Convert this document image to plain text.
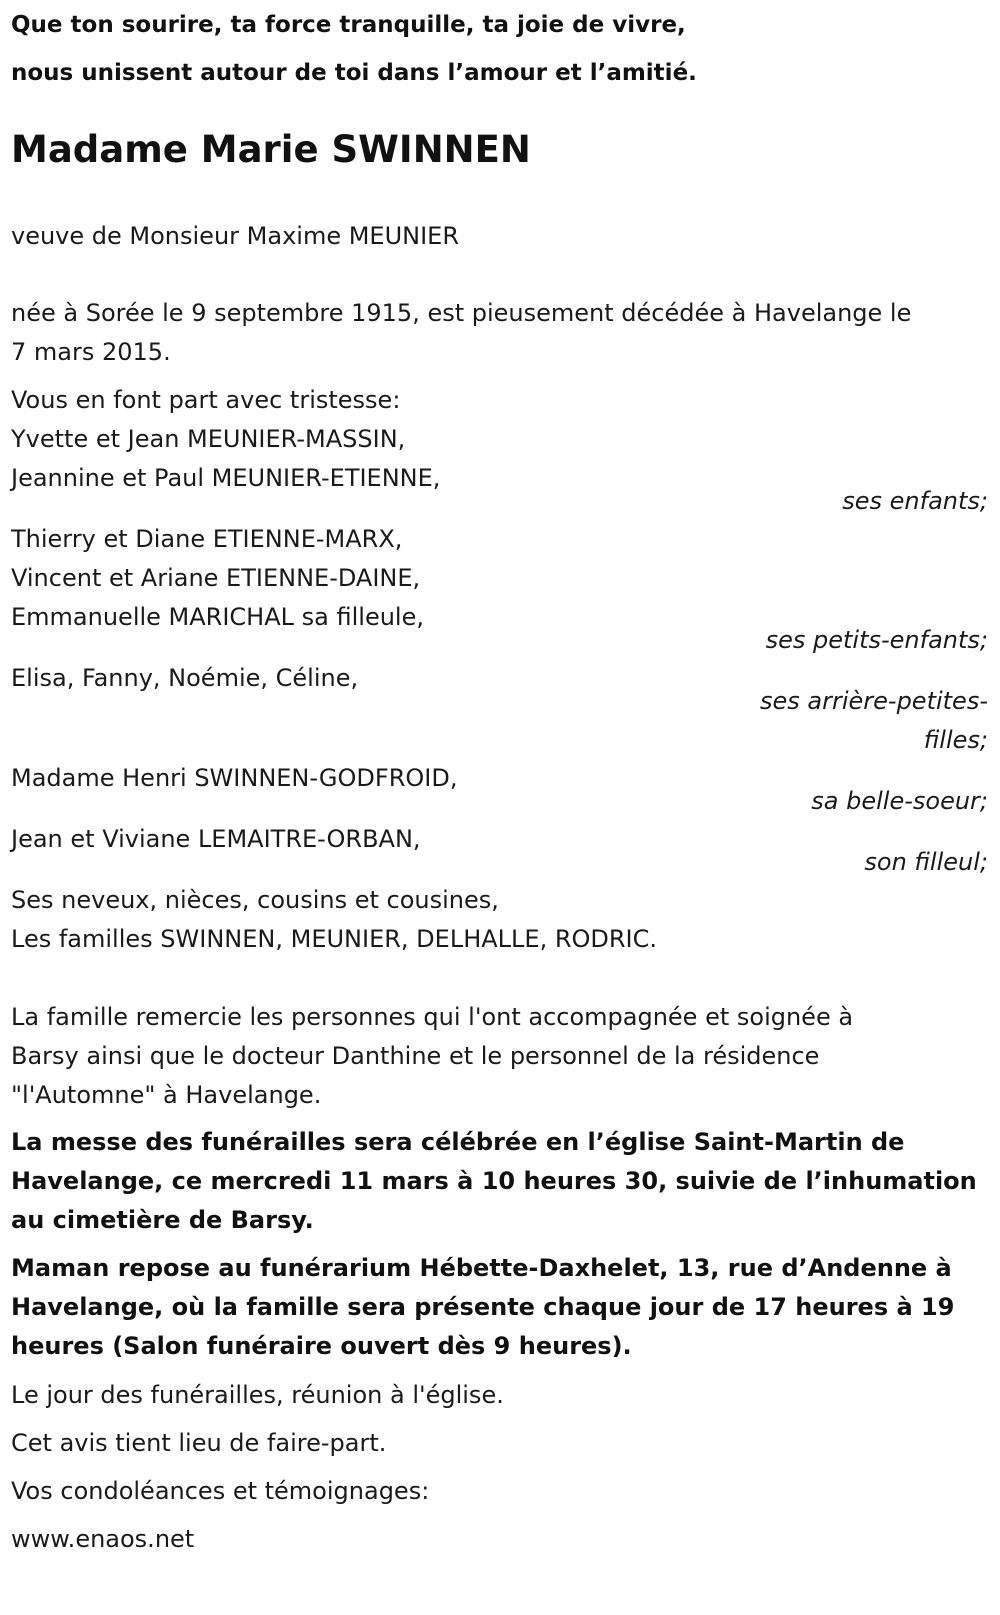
Que ton sourire, ta force tranquille, ta joie de vivre,
nous unissent autour de toi dans l’amour et l’amitié.
Madame Marie SWINNEN
veuve de Monsieur Maxime MEUNIER
née à Sorée le 9 septembre 1915, est pieusement décédée à Havelange le
7 mars 2015.
Vous en font part avec tristesse:
Yvette et Jean MEUNIER-MASSIN,
Jeannine et Paul MEUNIER-ETIENNE,
ses enfants;
Thierry et Diane ETIENNE-MARX,
Vincent et Ariane ETIENNE-DAINE,
Emmanuelle MARICHAL sa filleule,
ses petits-enfants;
Elisa, Fanny, Noémie, Céline,
ses arrière-petites-
filles;
Madame Henri SWINNEN-GODFROID,
sa belle-soeur;
Jean et Viviane LEMAITRE-ORBAN,
son filleul;
Ses neveux, nièces, cousins et cousines,
Les familles SWINNEN, MEUNIER, DELHALLE, RODRIC.
La famille remercie les personnes qui l'ont accompagnée et soignée à
Barsy ainsi que le docteur Danthine et le personnel de la résidence
"l'Automne" à Havelange.
La messe des funérailles sera célébrée en l’église Saint-Martin de
Havelange, ce mercredi 11 mars à 10 heures 30, suivie de l’inhumation
au cimetière de Barsy.
Maman repose au funérarium Hébette-Daxhelet, 13, rue d’Andenne à
Havelange, où la famille sera présente chaque jour de 17 heures à 19
heures (Salon funéraire ouvert dès 9 heures).
Le jour des funérailles, réunion à l'église.
Cet avis tient lieu de faire-part.
Vos condoléances et témoignages:
www.enaos.net
